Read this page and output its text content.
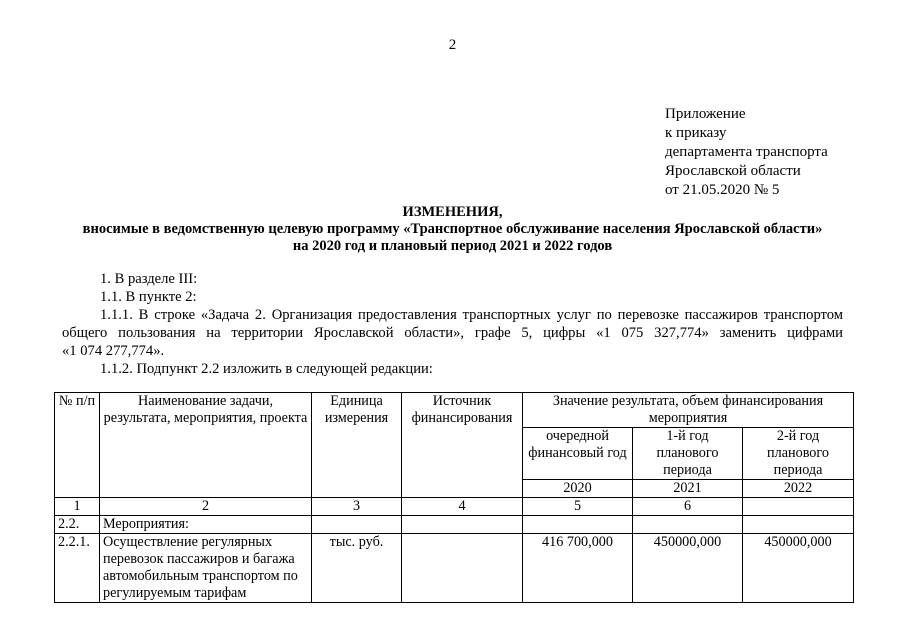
2
Приложение
к приказу
департамента транспорта
Ярославской области
от 21.05.2020 № 5
ИЗМЕНЕНИЯ,
вносимые в ведомственную целевую программу «Транспортное обслуживание населения Ярославской области»
на 2020 год и плановый период 2021 и 2022 годов

1. В разделе III:

1.1. В пункте 2:

1.1.1. В строке «Задача 2. Организация предоставления транспортных услуг по перевозке пассажиров транспортом

общего пользования на территории Ярославской области», графе 5, цифры «1 075 327,774» заменить цифрами

«1 074 277,774».

1.1.2. Подпункт 2.2 изложить в следующей редакции:

№ п/п	Наименование задачи, результата, мероприятия, проекта	Единица измерения	Источник финансирования	Значение результата, объем финансирования мероприятия		
				очередной финансовый год	1-й год планового периода	2-й год планового периода
				2020	2021	2022
1	2	3	4	5	6	
2.2.	Мероприятия:					
2.2.1.	Осуществление регулярных перевозок пассажиров и багажа автомобильным транспортом по регулируемым тарифам	тыс. руб.		416 700,000	450000,000	450000,000
